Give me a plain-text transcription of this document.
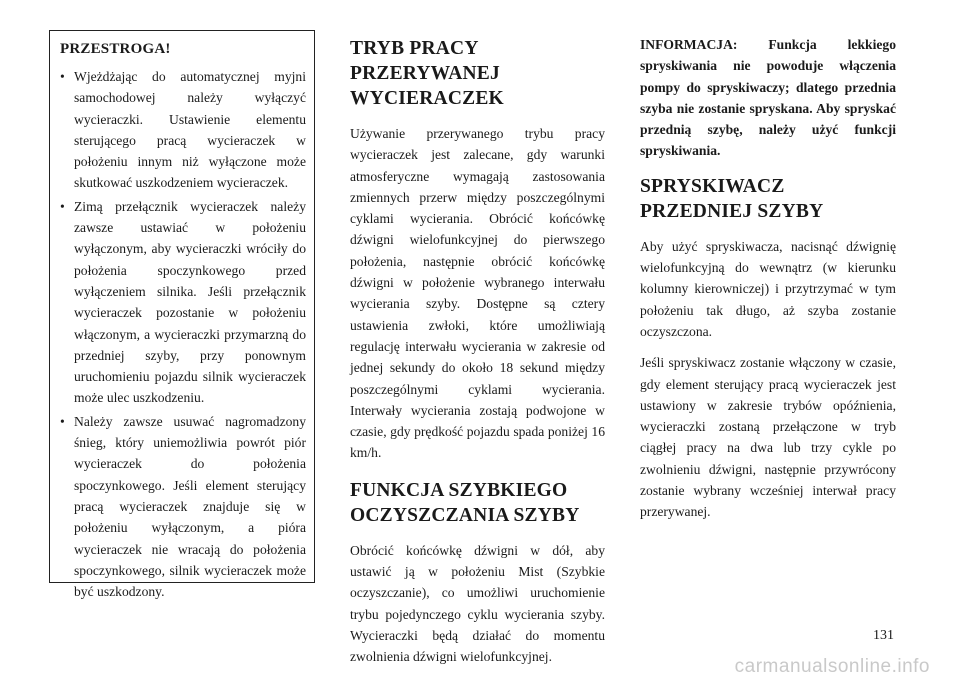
PRZESTROGA!
• Wjeżdżając do automatycznej myjni samochodowej należy wyłączyć wycieraczki. Ustawienie elementu sterującego pracą wycieraczek w położeniu innym niż wyłączone może skutkować uszkodzeniem wycieraczek.
• Zimą przełącznik wycieraczek należy zawsze ustawiać w położeniu wyłączonym, aby wycieraczki wróciły do położenia spoczynkowego przed wyłączeniem silnika. Jeśli przełącznik wycieraczek pozostanie w położeniu włączonym, a wycieraczki przymarzną do przedniej szyby, przy ponownym uruchomieniu pojazdu silnik wycieraczek może ulec uszkodzeniu.
• Należy zawsze usuwać nagromadzony śnieg, który uniemożliwia powrót piór wycieraczek do położenia spoczynkowego. Jeśli element sterujący pracą wycieraczek znajduje się w położeniu wyłączonym, a pióra wycieraczek nie wracają do położenia spoczynkowego, silnik wycieraczek może być uszkodzony.
TRYB PRACY PRZERYWANEJ WYCIERACZEK

Używanie przerywanego trybu pracy wycieraczek jest zalecane, gdy warunki atmosferyczne wymagają zastosowania zmiennych przerw między poszczególnymi cyklami wycierania. Obrócić końcówkę dźwigni wielofunkcyjnej do pierwszego położenia, następnie obrócić końcówkę dźwigni w położenie wybranego interwału wycierania szyby. Dostępne są cztery ustawienia zwłoki, które umożliwiają regulację interwału wycierania w zakresie od jednej sekundy do około 18 sekund między poszczególnymi cyklami wycierania. Interwały wycierania zostają podwojone w czasie, gdy prędkość pojazdu spada poniżej 16 km/h.

FUNKCJA SZYBKIEGO OCZYSZCZANIA SZYBY

Obrócić końcówkę dźwigni w dół, aby ustawić ją w położeniu Mist (Szybkie oczyszczanie), co umożliwi uruchomienie trybu pojedynczego cyklu wycierania szyby. Wycieraczki będą działać do momentu zwolnienia dźwigni wielofunkcyjnej.

INFORMACJA: Funkcja lekkiego spryskiwania nie powoduje włączenia pompy do spryskiwaczy; dlatego przednia szyba nie zostanie spryskana. Aby spryskać przednią szybę, należy użyć funkcji spryskiwania.

SPRYSKIWACZ PRZEDNIEJ SZYBY

Aby użyć spryskiwacza, nacisnąć dźwignię wielofunkcyjną do wewnątrz (w kierunku kolumny kierowniczej) i przytrzymać w tym położeniu tak długo, aż szyba zostanie oczyszczona.

Jeśli spryskiwacz zostanie włączony w czasie, gdy element sterujący pracą wycieraczek jest ustawiony w zakresie trybów opóźnienia, wycieraczki zostaną przełączone w tryb ciągłej pracy na dwa lub trzy cykle po zwolnieniu dźwigni, następnie przywrócony zostanie wybrany wcześniej interwał pracy przerywanej.

131
carmanualsonline.info
